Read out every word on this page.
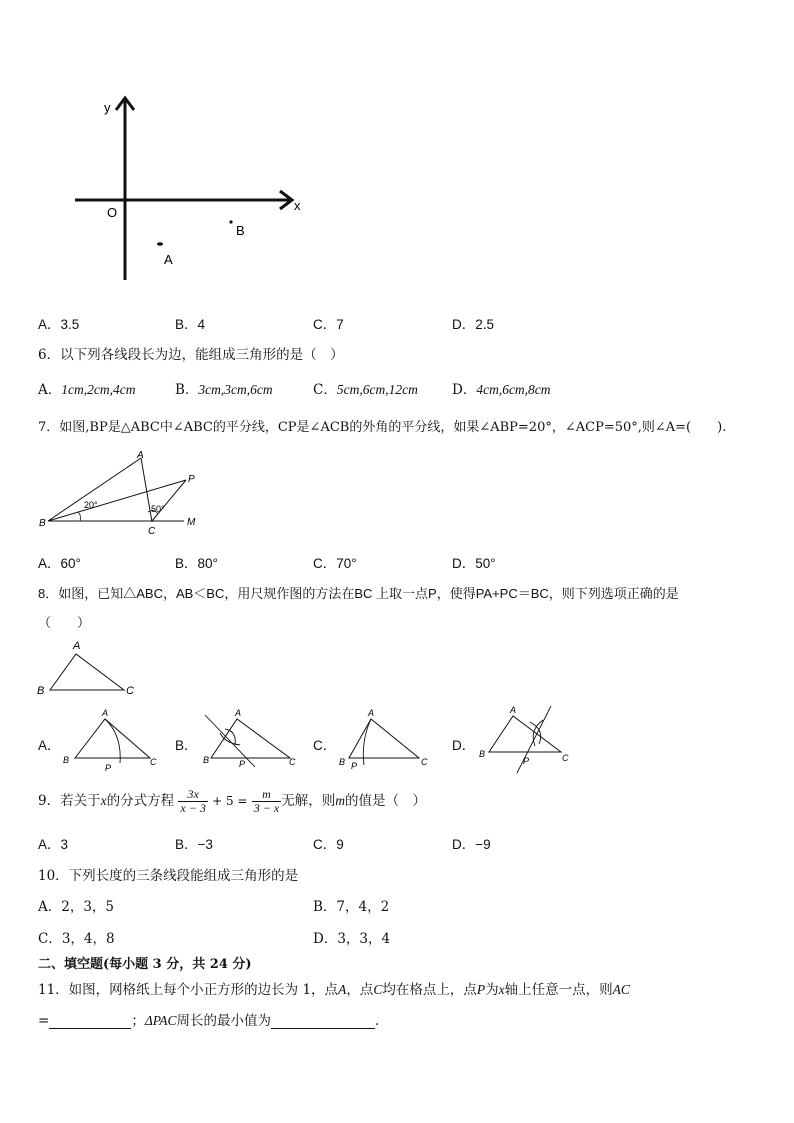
y
x
O
A
B
A．3.5	B．4	C．7	D．2.5
6．以下列各线段长为边，能组成三角形的是（　）
A．1cm,2cm,4cm	B．3cm,3cm,6cm	C．5cm,6cm,12cm	D．4cm,6cm,8cm
7．如图,BP是△ABC中∠ABC的平分线，CP是∠ACB的外角的平分线，如果∠ABP=20°，∠ACP=50°,则∠A=(　　).
A
B
C
P
M
20°	50°
A．60°	B．80°	C．70°	D．50°
8．如图，已知△ABC，AB＜BC，用尺规作图的方法在BC 上取一点P，使得PA+PC＝BC，则下列选项正确的是
（　　）
A
B	C
A．
A
B	C
P
B．
A
B	C
P
C．
A
B	C
P
D．
A
B	C
P
9．若关于x的分式方程 $\frac{3x}{x - 3} + 5 = \frac{m}{3 - x}$ 无解，则m的值是（　）
A．3	B．−3	C．9	D．−9
10．下列长度的三条线段能组成三角形的是
A．2，3，5	B．7，4，2
C．3，4，8	D．3，3，4
二、填空题(每小题 3 分，共 24 分)
11．如图，网格纸上每个小正方形的边长为 1，点A，点C均在格点上，点P为x轴上任意一点，则AC
=	；ΔPAC周长的最小值为	.
